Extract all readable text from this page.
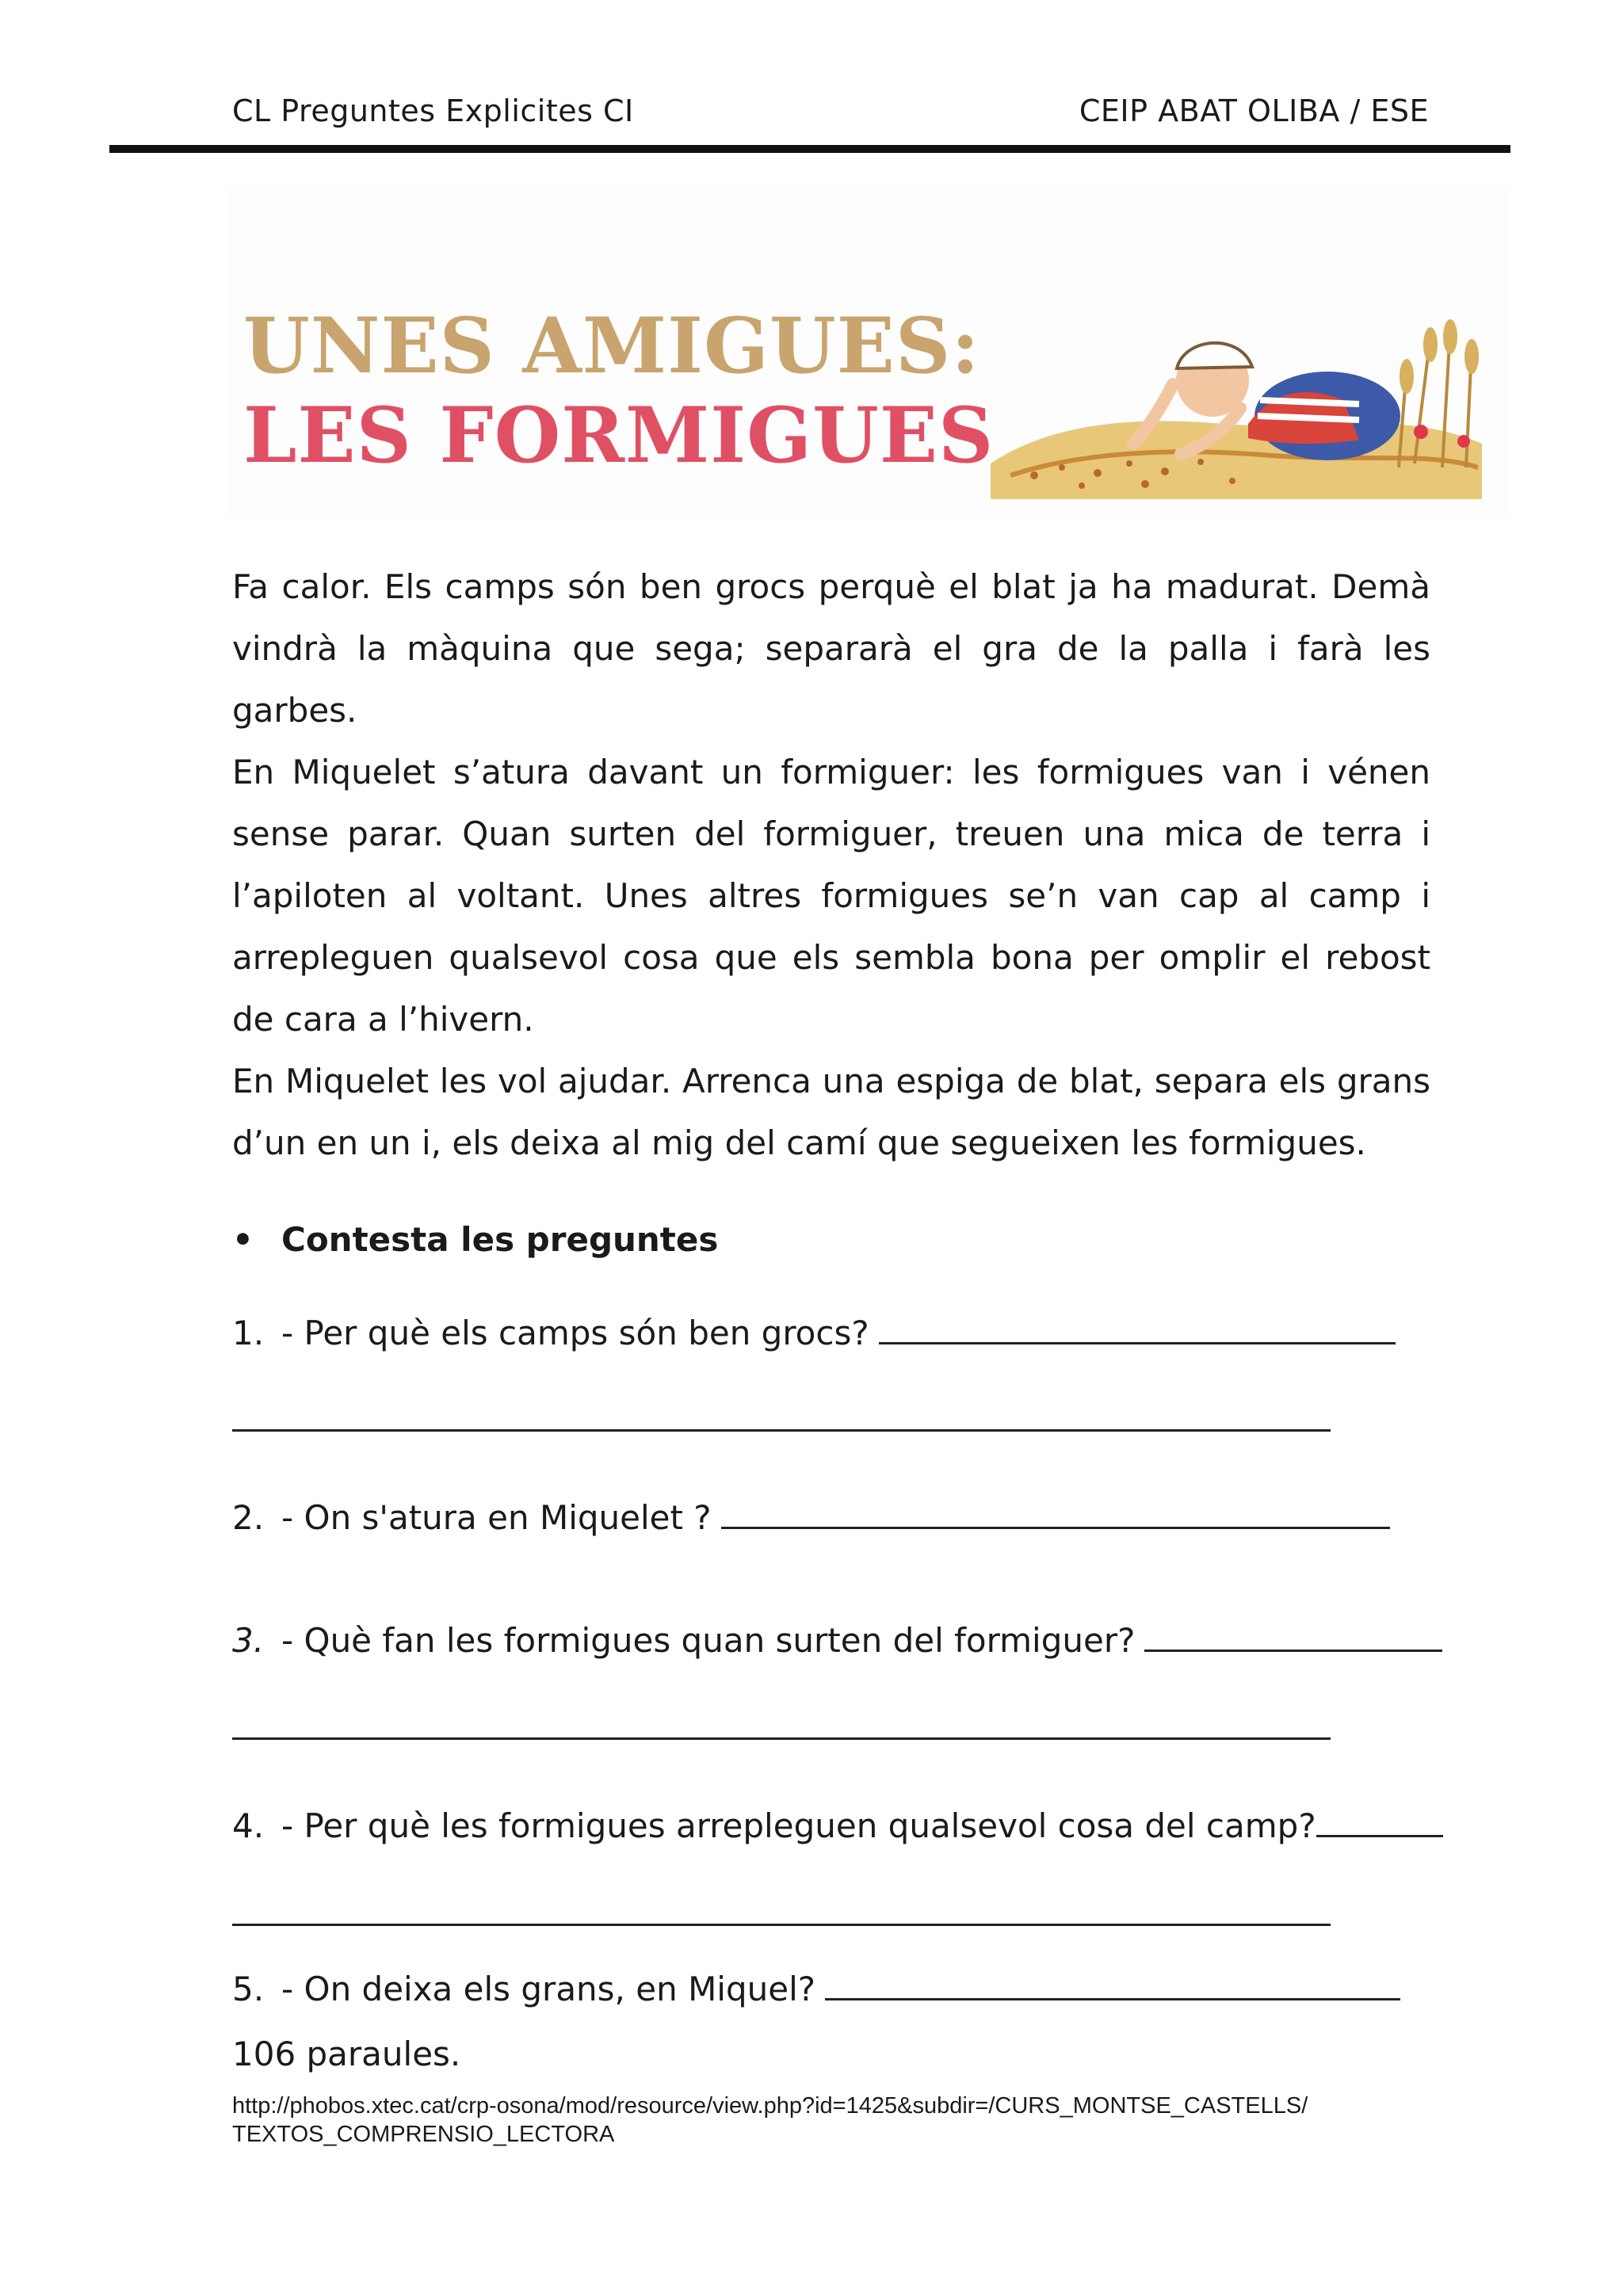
CL Preguntes Explicites CI	CEIP ABAT OLIBA / ESE
UNES AMIGUES:
LES FORMIGUES

Fa calor. Els camps són ben grocs perquè el blat ja ha madurat. Demà vindrà la màquina que sega; separarà el gra de la palla i farà les garbes.

En Miquelet s’atura davant un formiguer: les formigues van i vénen sense parar. Quan surten del formiguer, treuen una mica de terra i l’apiloten al voltant. Unes altres formigues se’n van cap al camp i arrepleguen qualsevol cosa que els sembla bona per omplir el rebost de cara a l’hivern.

En Miquelet les vol ajudar. Arrenca una espiga de blat, separa els grans d’un en un i, els deixa al mig del camí que segueixen les formigues.

• Contesta les preguntes
1. - Per què els camps són ben grocs?
2. - On s'atura en Miquelet ?
3. - Què fan les formigues quan surten del formiguer?
4. - Per què les formigues arrepleguen qualsevol cosa del camp?
5. - On deixa els grans, en Miquel?
106 paraules.
http://phobos.xtec.cat/crp-osona/mod/resource/view.php?id=1425&subdir=/CURS_MONTSE_CASTELLS/
TEXTOS_COMPRENSIO_LECTORA
